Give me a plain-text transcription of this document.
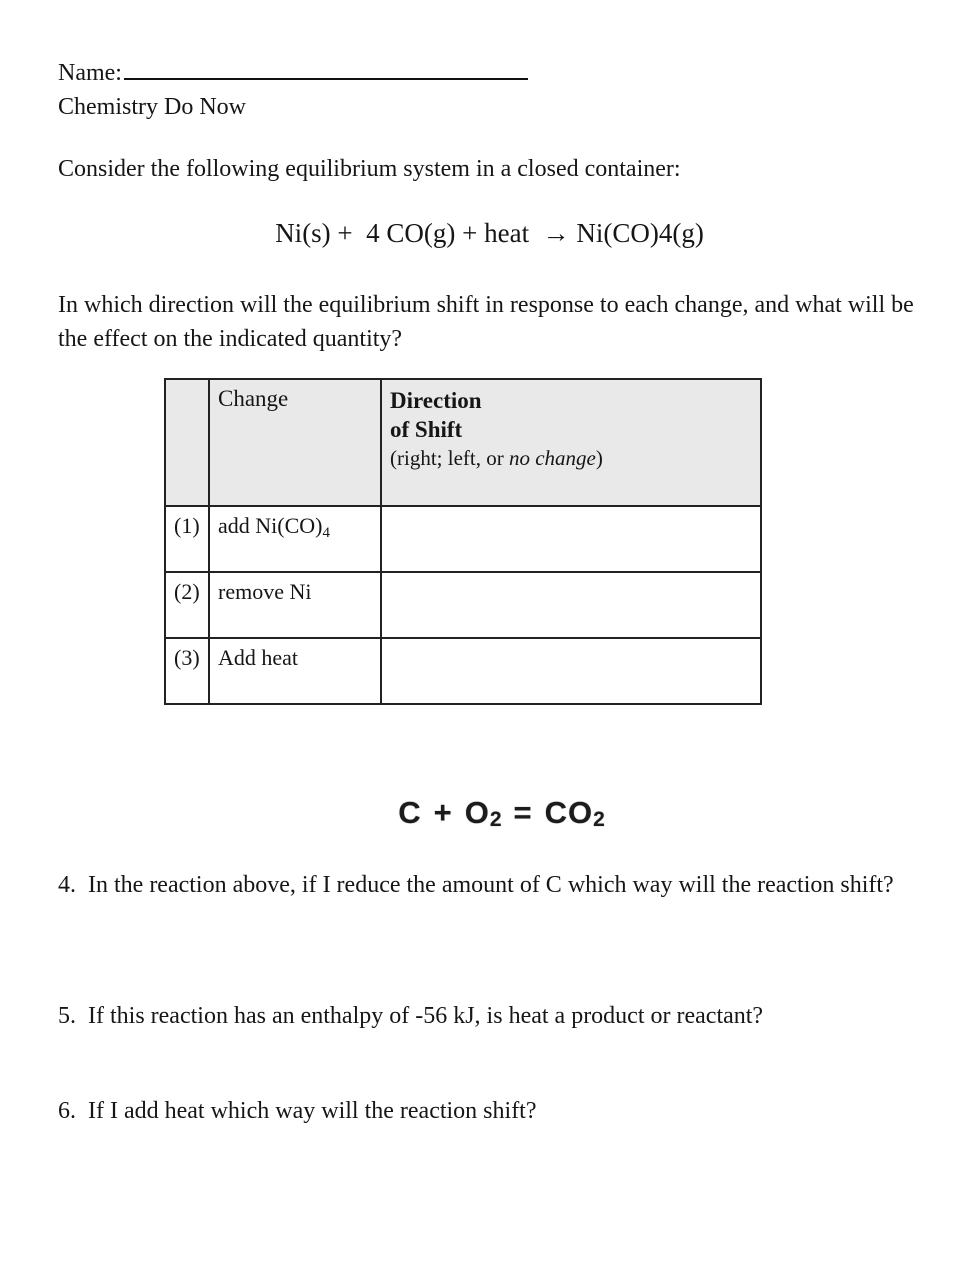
Name:
Chemistry Do Now
Consider the following equilibrium system in a closed container:
Ni(s) +  4 CO(g) + heat  → Ni(CO)4(g)
In which direction will the equilibrium shift in response to each change, and what will be the effect on the indicated quantity?
	Change	Direction
of Shift
(right; left, or no change)

(1)	add $Ni(CO)_4$	
(2)	remove Ni	
(3)	Add heat	
C + O2 = CO2
4. In the reaction above, if I reduce the amount of C which way will the reaction shift?
5. If this reaction has an enthalpy of -56 kJ, is heat a product or reactant?
6. If I add heat which way will the reaction shift?
